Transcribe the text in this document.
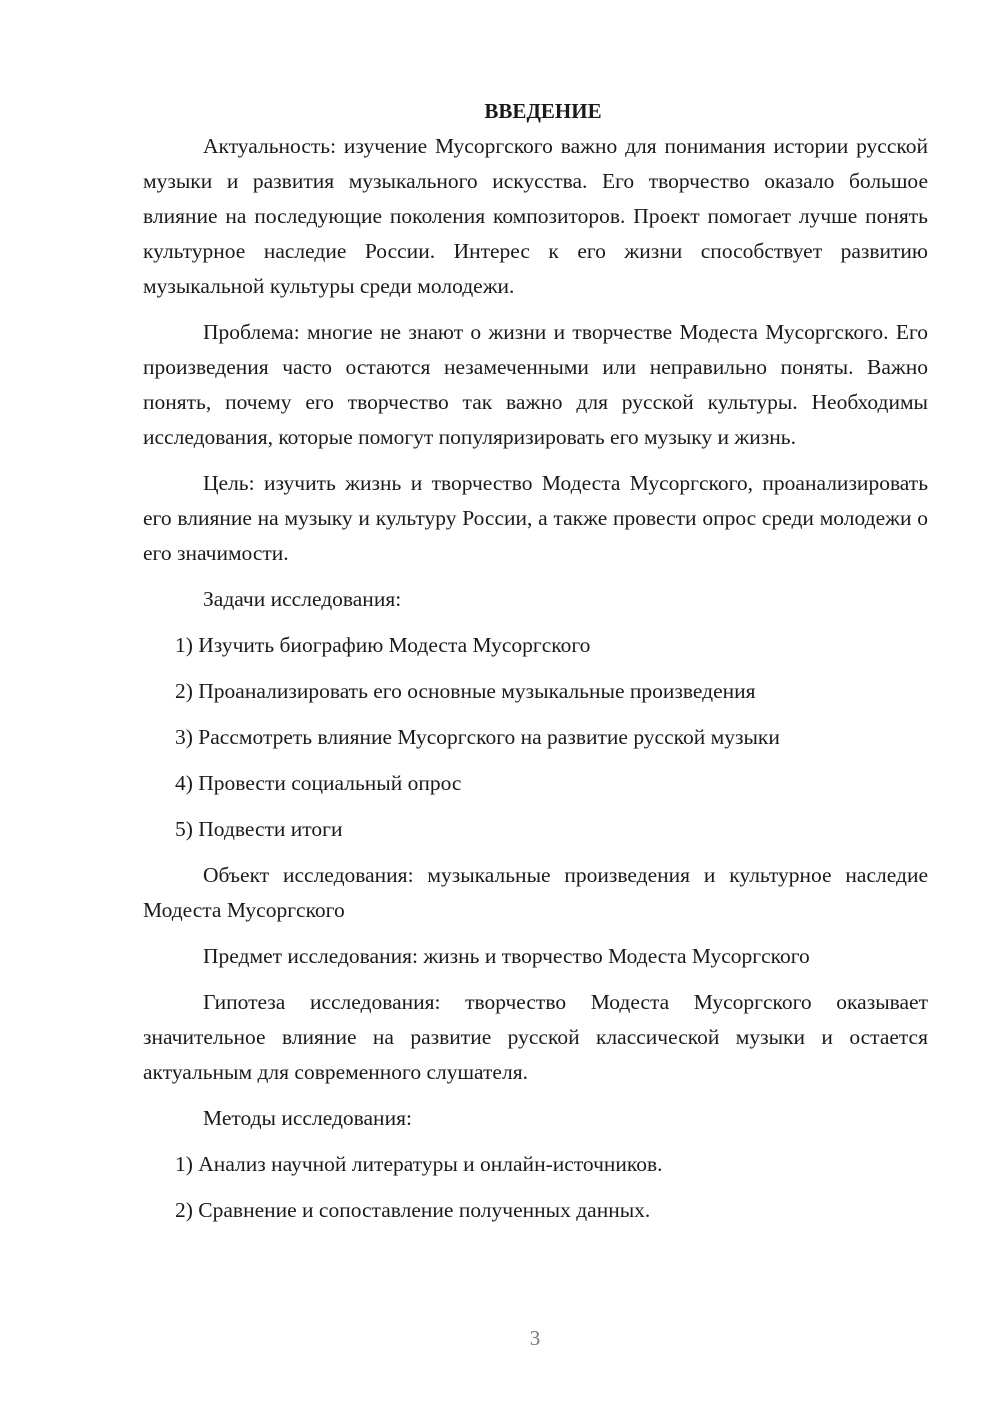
ВВЕДЕНИЕ

Актуальность: изучение Мусоргского важно для понимания истории русской музыки и развития музыкального искусства. Его творчество оказало большое влияние на последующие поколения композиторов. Проект помогает лучше понять культурное наследие России. Интерес к его жизни способствует развитию музыкальной культуры среди молодежи.

Проблема: многие не знают о жизни и творчестве Модеста Мусоргского. Его произведения часто остаются незамеченными или неправильно поняты. Важно понять, почему его творчество так важно для русской культуры. Необходимы исследования, которые помогут популяризировать его музыку и жизнь.

Цель: изучить жизнь и творчество Модеста Мусоргского, проанализировать его влияние на музыку и культуру России, а также провести опрос среди молодежи о его значимости.

Задачи исследования:
1) Изучить биографию Модеста Мусоргского
2) Проанализировать его основные музыкальные произведения
3) Рассмотреть влияние Мусоргского на развитие русской музыки
4) Провести социальный опрос
5) Подвести итоги

Объект исследования: музыкальные произведения и культурное наследие Модеста Мусоргского

Предмет исследования: жизнь и творчество Модеста Мусоргского

Гипотеза исследования: творчество Модеста Мусоргского оказывает значительное влияние на развитие русской классической музыки и остается актуальным для современного слушателя.

Методы исследования:
1) Анализ научной литературы и онлайн-источников.
2) Сравнение и сопоставление полученных данных.
3
